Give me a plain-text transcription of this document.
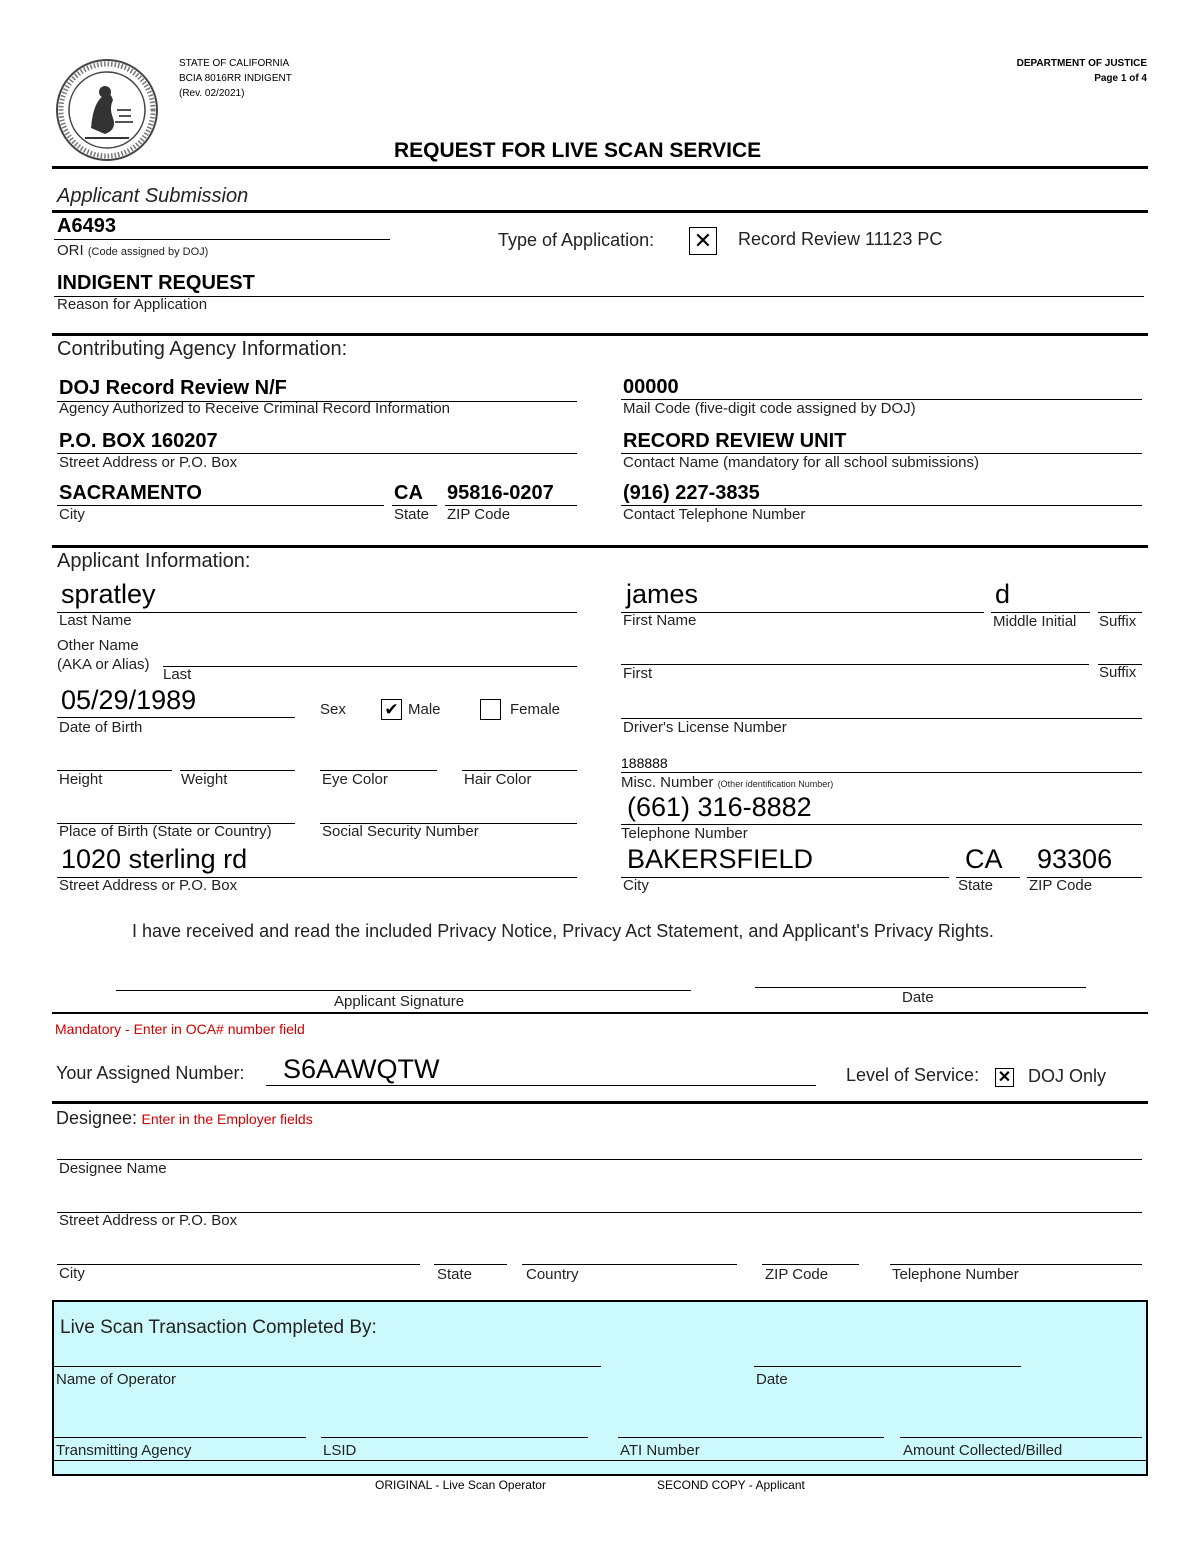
STATE OF CALIFORNIA
BCIA 8016RR INDIGENT
(Rev. 02/2021)
DEPARTMENT OF JUSTICE
Page 1 of 4
REQUEST FOR LIVE SCAN SERVICE
Applicant Submission
A6493
ORI (Code assigned by DOJ)
Type of Application: ✕ Record Review 11123 PC
INDIGENT REQUEST
Reason for Application
Contributing Agency Information:
DOJ Record Review N/F
Agency Authorized to Receive Criminal Record Information
00000
Mail Code (five-digit code assigned by DOJ)
P.O. BOX 160207
Street Address or P.O. Box
RECORD REVIEW UNIT
Contact Name (mandatory for all school submissions)
SACRAMENTO
City
CA
State
95816-0207
ZIP Code
(916) 227-3835
Contact Telephone Number
Applicant Information:
spratley
Last Name
james
First Name
d
Middle Initial Suffix
Other Name
(AKA or Alias)
Last	First	Suffix
05/29/1989
Date of Birth
Sex ✔ Male	Female
Driver's License Number
Height	Weight	Eye Color	Hair Color
188888
Misc. Number (Other identification Number)
Place of Birth (State or Country)	Social Security Number
(661) 316-8882
Telephone Number
1020 sterling rd
Street Address or P.O. Box
BAKERSFIELD
City
CA
State
93306
ZIP Code
I have received and read the included Privacy Notice, Privacy Act Statement, and Applicant's Privacy Rights.
Applicant Signature	Date
Mandatory - Enter in OCA# number field
Your Assigned Number: S6AAWQTW	Level of Service: ✕ DOJ Only
Designee: Enter in the Employer fields
Designee Name
Street Address or P.O. Box
City	State	Country	ZIP Code	Telephone Number
Live Scan Transaction Completed By:
Name of Operator	Date
Transmitting Agency	LSID	ATI Number	Amount Collected/Billed
ORIGINAL - Live Scan Operator	SECOND COPY - Applicant
